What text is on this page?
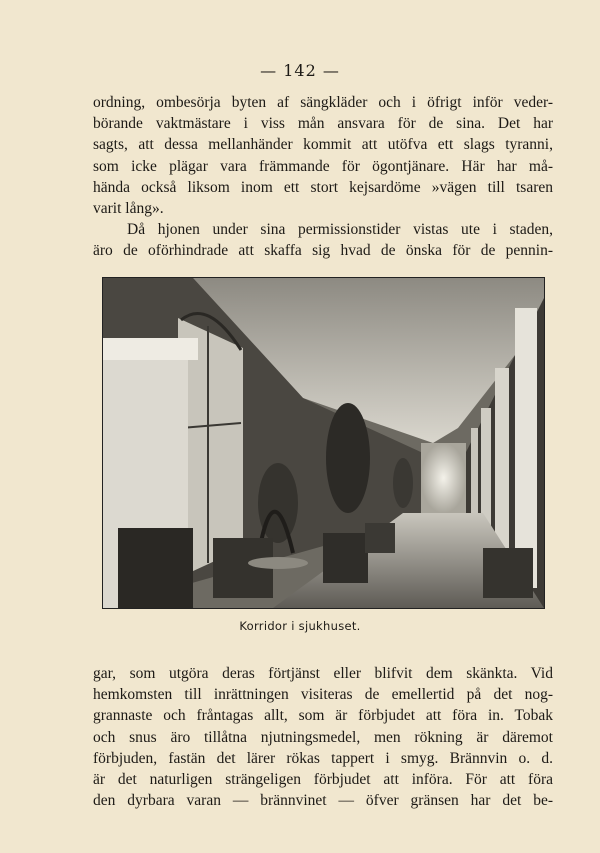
— 142 —
ordning, ombesörja byten af sängkläder och i öfrigt inför veder-
börande vaktmästare i viss mån ansvara för de sina. Det har
sagts, att dessa mellanhänder kommit att utöfva ett slags tyranni,
som icke plägar vara främmande för ögontjänare. Här har må-
hända också liksom inom ett stort kejsardöme »vägen till tsaren
varit lång».
Då hjonen under sina permissionstider vistas ute i staden,
äro de oförhindrade att skaffa sig hvad de önska för de pennin-
Korridor i sjukhuset.
gar, som utgöra deras förtjänst eller blifvit dem skänkta. Vid
hemkomsten till inrättningen visiteras de emellertid på det nog-
grannaste och fråntagas allt, som är förbjudet att föra in. Tobak
och snus äro tillåtna njutningsmedel, men rökning är däremot
förbjuden, fastän det lärer rökas tappert i smyg. Brännvin o. d.
är det naturligen strängeligen förbjudet att införa. För att föra
den dyrbara varan — brännvinet — öfver gränsen har det be-
